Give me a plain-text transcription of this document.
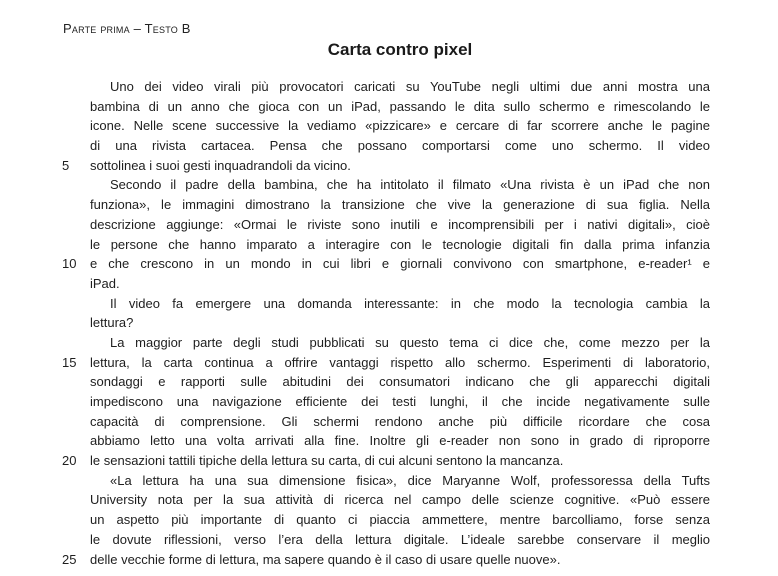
Parte prima – Testo B
Carta contro pixel
Uno dei video virali più provocatori caricati su YouTube negli ultimi due anni mostra una
bambina di un anno che gioca con un iPad, passando le dita sullo schermo e rimescolando le
icone. Nelle scene successive la vediamo «pizzicare» e cercare di far scorrere anche le pagine
di una rivista cartacea. Pensa che possano comportarsi come uno schermo. Il video
5	sottolinea i suoi gesti inquadrandoli da vicino.
Secondo il padre della bambina, che ha intitolato il filmato «Una rivista è un iPad che non
funziona», le immagini dimostrano la transizione che vive la generazione di sua figlia. Nella
descrizione aggiunge: «Ormai le riviste sono inutili e incomprensibili per i nativi digitali», cioè
le persone che hanno imparato a interagire con le tecnologie digitali fin dalla prima infanzia
10	e che crescono in un mondo in cui libri e giornali convivono con smartphone, e-reader¹ e
iPad.
Il video fa emergere una domanda interessante: in che modo la tecnologia cambia la
lettura?
La maggior parte degli studi pubblicati su questo tema ci dice che, come mezzo per la
15	lettura, la carta continua a offrire vantaggi rispetto allo schermo. Esperimenti di laboratorio,
sondaggi e rapporti sulle abitudini dei consumatori indicano che gli apparecchi digitali
impediscono una navigazione efficiente dei testi lunghi, il che incide negativamente sulle
capacità di comprensione. Gli schermi rendono anche più difficile ricordare che cosa
abbiamo letto una volta arrivati alla fine. Inoltre gli e-reader non sono in grado di riproporre
20	le sensazioni tattili tipiche della lettura su carta, di cui alcuni sentono la mancanza.
«La lettura ha una sua dimensione fisica», dice Maryanne Wolf, professoressa della Tufts
University nota per la sua attività di ricerca nel campo delle scienze cognitive. «Può essere
un aspetto più importante di quanto ci piaccia ammettere, mentre barcolliamo, forse senza
le dovute riflessioni, verso l’era della lettura digitale. L’ideale sarebbe conservare il meglio
25	delle vecchie forme di lettura, ma sapere quando è il caso di usare quelle nuove».
